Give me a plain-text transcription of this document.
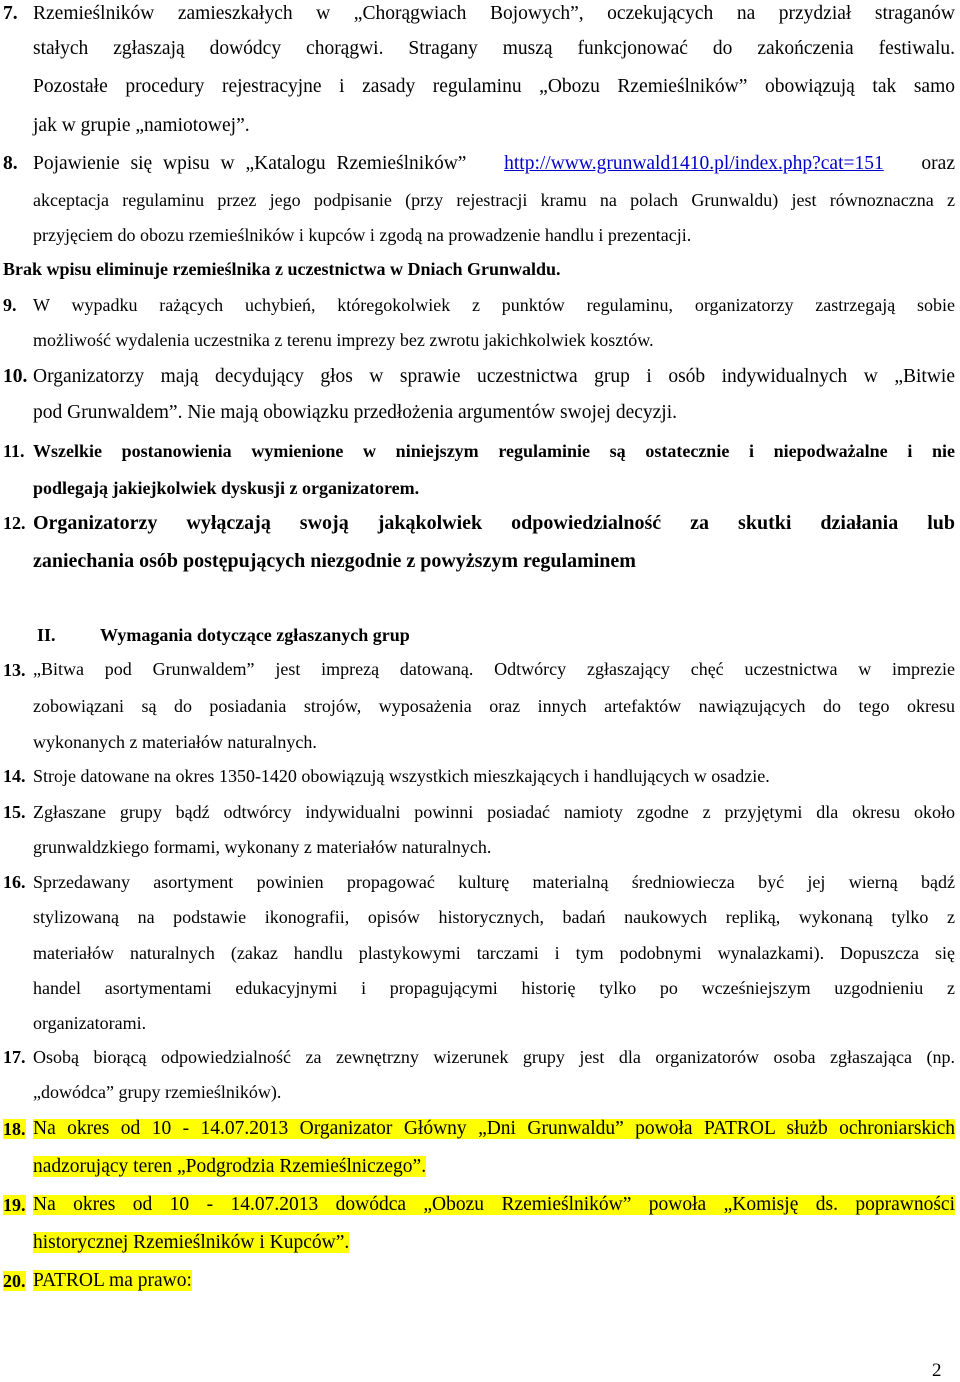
7. Rzemieślników zamieszkałych w „Chorągwiach Bojowych”, oczekujących na przydział straganów
stałych zgłaszają dowódcy chorągwi. Stragany muszą funkcjonować do zakończenia festiwalu.
Pozostałe procedury rejestracyjne i zasady regulaminu „Obozu Rzemieślników” obowiązują tak samo
jak w grupie „namiotowej”.
8. Pojawienie się wpisu w „Katalogu Rzemieślników” http://www.grunwald1410.pl/index.php?cat=151 oraz
akceptacja regulaminu przez jego podpisanie (przy rejestracji kramu na polach Grunwaldu) jest równoznaczna z
przyjęciem do obozu rzemieślników i kupców i zgodą na prowadzenie handlu i prezentacji.
Brak wpisu eliminuje rzemieślnika z uczestnictwa w Dniach Grunwaldu.
9. W wypadku rażących uchybień, któregokolwiek z punktów regulaminu, organizatorzy zastrzegają sobie
możliwość wydalenia uczestnika z terenu imprezy bez zwrotu jakichkolwiek kosztów.
10. Organizatorzy mają decydujący głos w sprawie uczestnictwa grup i osób indywidualnych w „Bitwie
pod Grunwaldem”. Nie mają obowiązku przedłożenia argumentów swojej decyzji.
11. Wszelkie postanowienia wymienione w niniejszym regulaminie są ostatecznie i niepodważalne i nie
podlegają jakiejkolwiek dyskusji z organizatorem.
12. Organizatorzy wyłączają swoją jakąkolwiek odpowiedzialność za skutki działania lub
zaniechania osób postępujących niezgodnie z powyższym regulaminem
II. Wymagania dotyczące zgłaszanych grup
13. „Bitwa pod Grunwaldem” jest imprezą datowaną. Odtwórcy zgłaszający chęć uczestnictwa w imprezie
zobowiązani są do posiadania strojów, wyposażenia oraz innych artefaktów nawiązujących do tego okresu
wykonanych z materiałów naturalnych.
14. Stroje datowane na okres 1350-1420 obowiązują wszystkich mieszkających i handlujących w osadzie.
15. Zgłaszane grupy bądź odtwórcy indywidualni powinni posiadać namioty zgodne z przyjętymi dla okresu około
grunwaldzkiego formami, wykonany z materiałów naturalnych.
16. Sprzedawany asortyment powinien propagować kulturę materialną średniowiecza być jej wierną bądź
stylizowaną na podstawie ikonografii, opisów historycznych, badań naukowych repliką, wykonaną tylko z
materiałów naturalnych (zakaz handlu plastykowymi tarczami i tym podobnymi wynalazkami). Dopuszcza się
handel asortymentami edukacyjnymi i propagującymi historię tylko po wcześniejszym uzgodnieniu z
organizatorami.
17. Osobą biorącą odpowiedzialność za zewnętrzny wizerunek grupy jest dla organizatorów osoba zgłaszająca (np.
„dowódca” grupy rzemieślników).
18. Na okres od 10 - 14.07.2013 Organizator Główny „Dni Grunwaldu” powoła PATROL służb ochroniarskich
nadzorujący teren „Podgrodzia Rzemieślniczego”.
19. Na okres od 10 - 14.07.2013 dowódca „Obozu Rzemieślników” powoła „Komisję ds. poprawności
historycznej Rzemieślników i Kupców”.
20. PATROL ma prawo:
2
